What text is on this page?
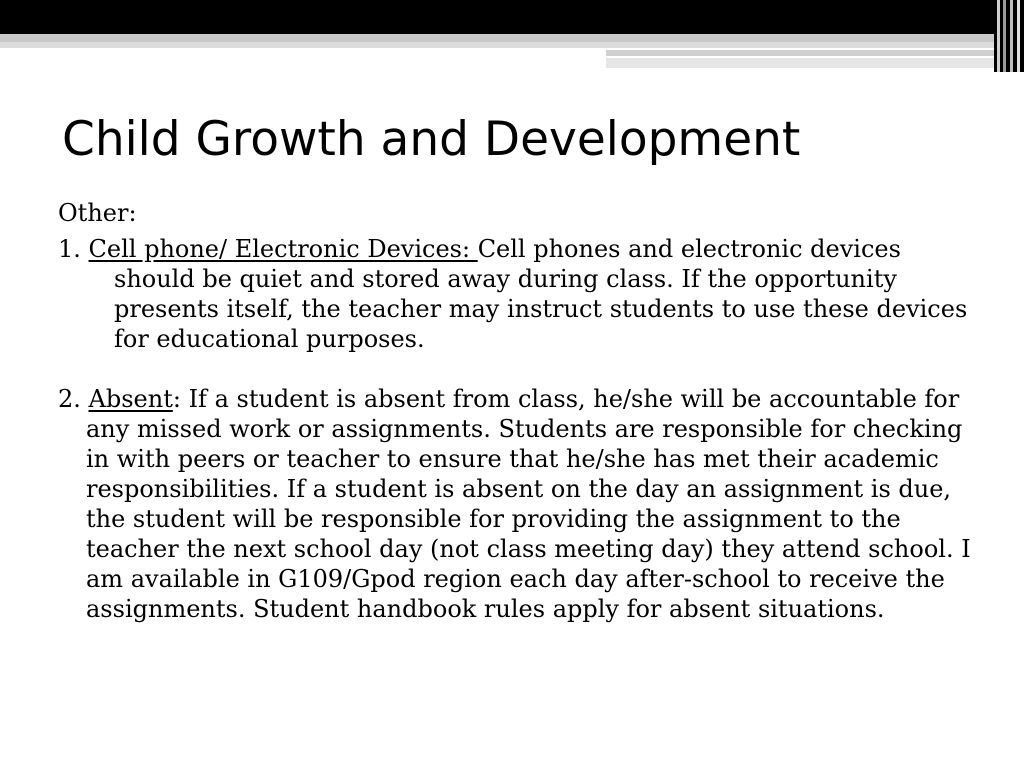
Child Growth and Development

Other:

1. Cell phone/ Electronic Devices: Cell phones and electronic devices should be quiet and stored away during class. If the opportunity presents itself, the teacher may instruct students to use these devices for educational purposes.

2. Absent: If a student is absent from class, he/she will be accountable for any missed work or assignments. Students are responsible for checking in with peers or teacher to ensure that he/she has met their academic responsibilities. If a student is absent on the day an assignment is due, the student will be responsible for providing the assignment to the teacher the next school day (not class meeting day) they attend school. I am available in G109/Gpod region each day after-school to receive the assignments. Student handbook rules apply for absent situations.
